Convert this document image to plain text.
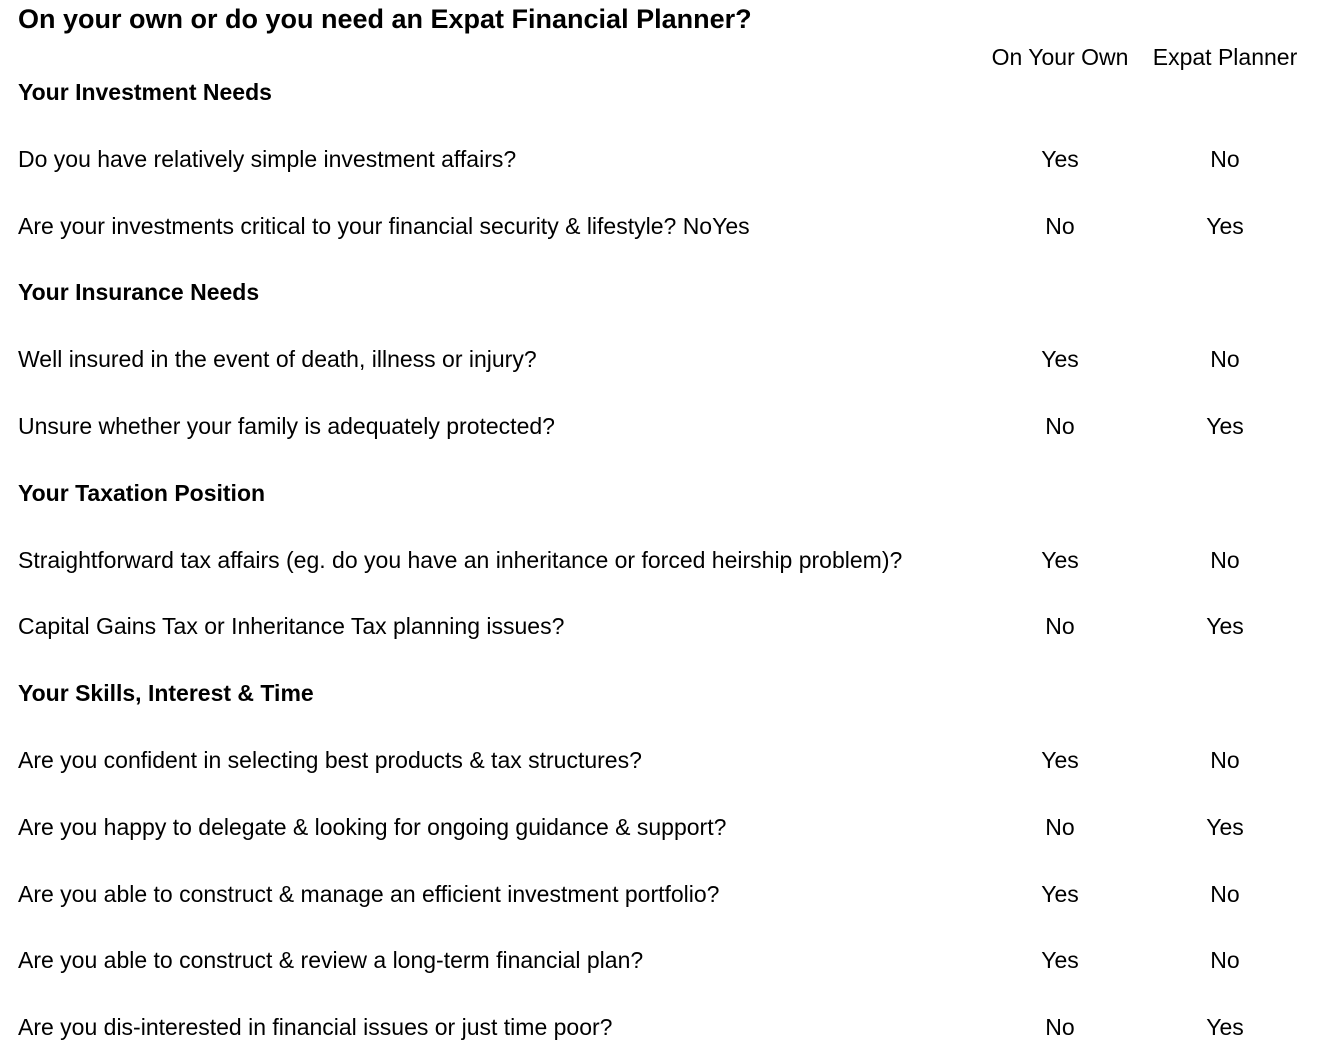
On your own or do you need an Expat Financial Planner?
On Your Own	Expat Planner
Your Investment Needs
Do you have relatively simple investment affairs?	Yes	No
Are your investments critical to your financial security & lifestyle? NoYes	No	Yes
Your Insurance Needs
Well insured in the event of death, illness or injury?	Yes	No
Unsure whether your family is adequately protected?	No	Yes
Your Taxation Position
Straightforward tax affairs (eg. do you have an inheritance or forced heirship problem)?	Yes	No
Capital Gains Tax or Inheritance Tax planning issues?	No	Yes
Your Skills, Interest & Time
Are you confident in selecting best products & tax structures?	Yes	No
Are you happy to delegate & looking for ongoing guidance & support?	No	Yes
Are you able to construct & manage an efficient investment portfolio?	Yes	No
Are you able to construct & review a long-term financial plan?	Yes	No
Are you dis-interested in financial issues or just time poor?	No	Yes
